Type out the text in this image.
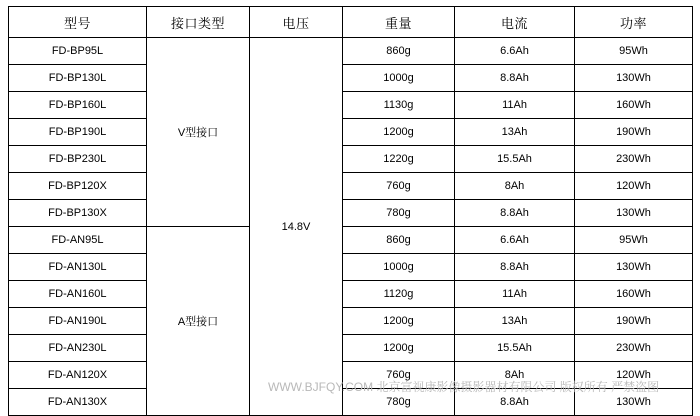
型号	接口类型	电压	重量	电流	功率
FD-BP95L	V型接口	14.8V	860g	6.6Ah	95Wh
FD-BP130L			1000g	8.8Ah	130Wh
FD-BP160L			1130g	11Ah	160Wh
FD-BP190L			1200g	13Ah	190Wh
FD-BP230L			1220g	15.5Ah	230Wh
FD-BP120X			760g	8Ah	120Wh
FD-BP130X			780g	8.8Ah	130Wh
FD-AN95L	A型接口		860g	6.6Ah	95Wh
FD-AN130L			1000g	8.8Ah	130Wh
FD-AN160L			1120g	11Ah	160Wh
FD-AN190L			1200g	13Ah	190Wh
FD-AN230L			1200g	15.5Ah	230Wh
FD-AN120X			760g	8Ah	120Wh
FD-AN130X			780g	8.8Ah	130Wh
WWW.BJFQY.COM 北京富视康影像摄影器材有限公司 版权所有 严禁盗图
